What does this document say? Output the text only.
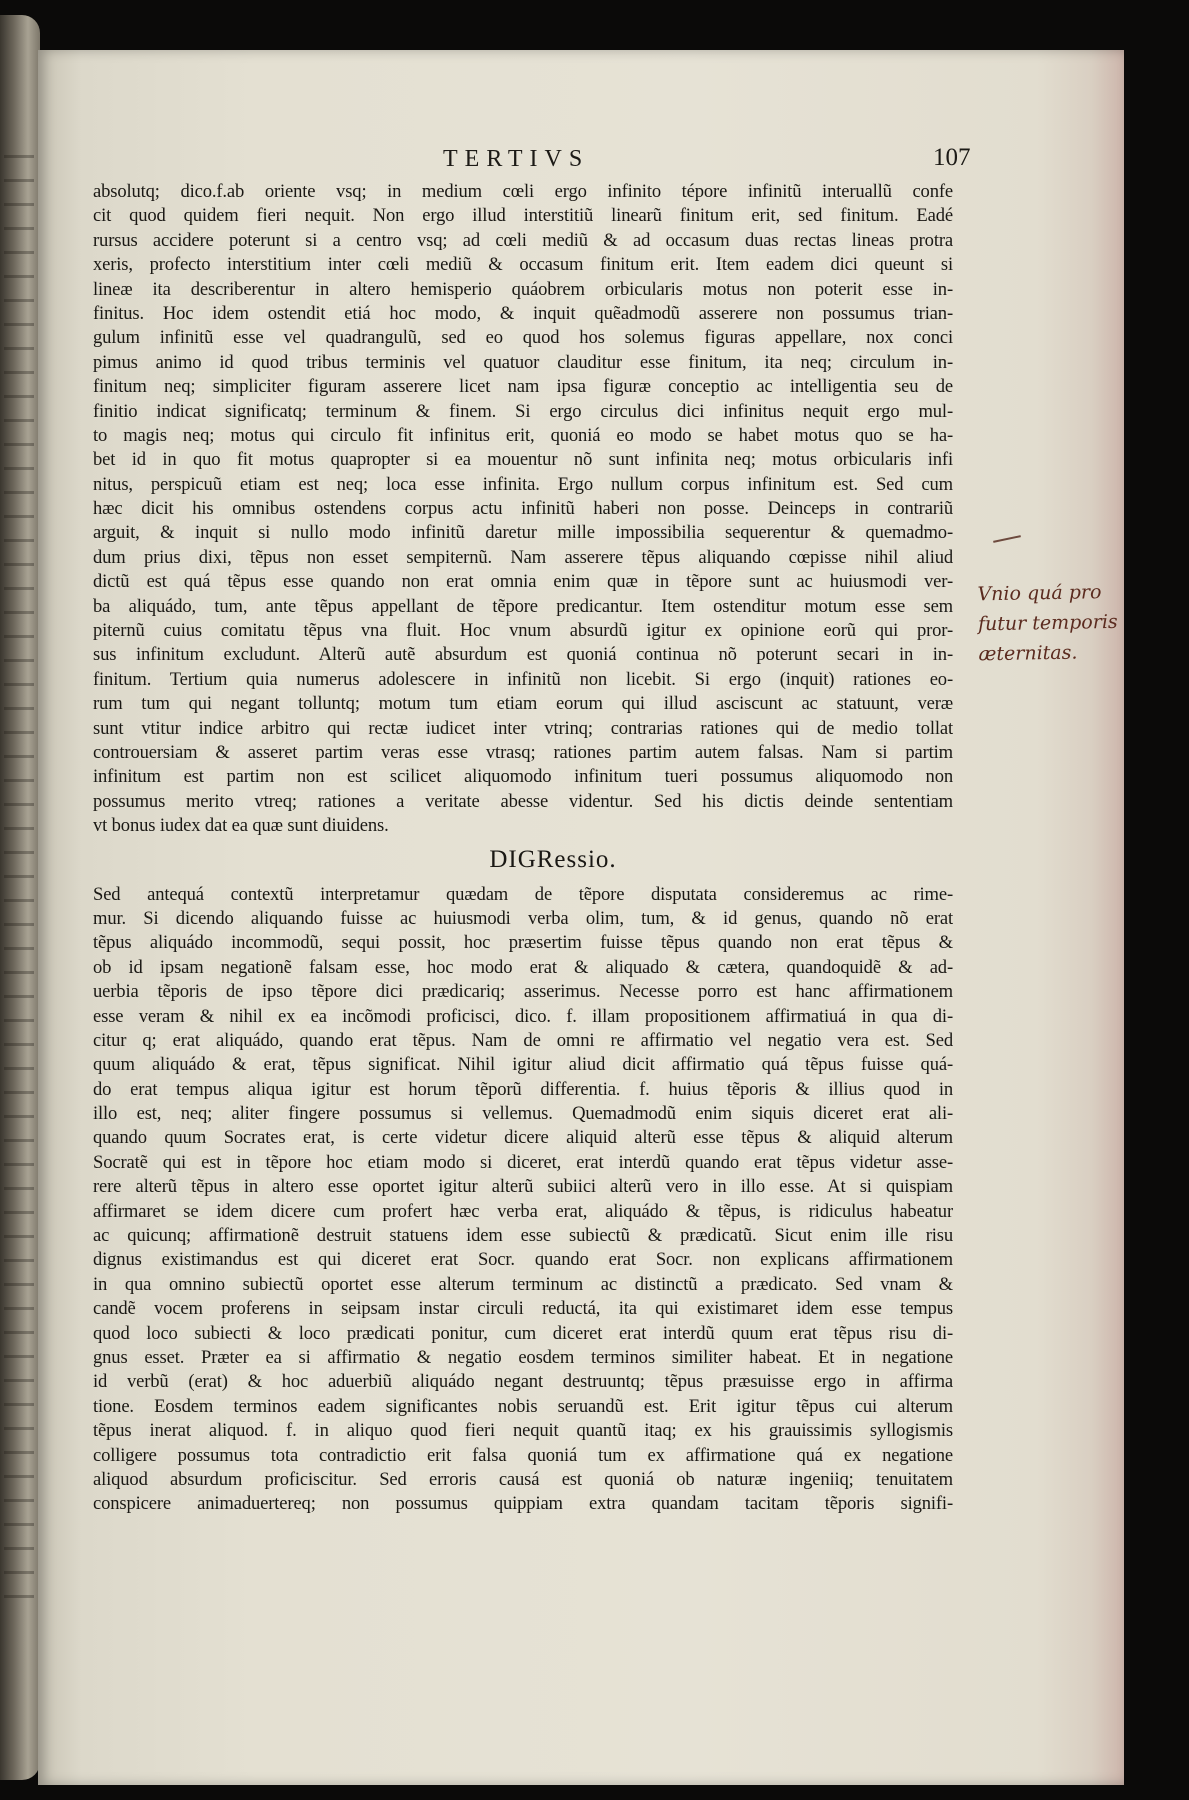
TERTIVS	107
absolutq; dico.f.ab oriente vsq; in medium cœli ergo infinito tépore infinitũ interuallũ confe
cit quod quidem fieri nequit. Non ergo illud interstitiũ linearũ finitum erit, sed finitum. Eadé
rursus accidere poterunt si a centro vsq; ad cœli mediũ & ad occasum duas rectas lineas protra
xeris, profecto interstitium inter cœli mediũ & occasum finitum erit. Item eadem dici queunt si
lineæ ita describerentur in altero hemisperio quáobrem orbicularis motus non poterit esse in-
finitus. Hoc idem ostendit etiá hoc modo, & inquit quẽadmodũ asserere non possumus trian-
gulum infinitũ esse vel quadrangulũ, sed eo quod hos solemus figuras appellare, nox conci
pimus animo id quod tribus terminis vel quatuor clauditur esse finitum, ita neq; circulum in-
finitum neq; simpliciter figuram asserere licet nam ipsa figuræ conceptio ac intelligentia seu de
finitio indicat significatq; terminum & finem. Si ergo circulus dici infinitus nequit ergo mul-
to magis neq; motus qui circulo fit infinitus erit, quoniá eo modo se habet motus quo se ha-
bet id in quo fit motus quapropter si ea mouentur nõ sunt infinita neq; motus orbicularis infi
nitus, perspicuũ etiam est neq; loca esse infinita. Ergo nullum corpus infinitum est. Sed cum
hæc dicit his omnibus ostendens corpus actu infinitũ haberi non posse. Deinceps in contrariũ
arguit, & inquit si nullo modo infinitũ daretur mille impossibilia sequerentur & quemadmo-
dum prius dixi, tẽpus non esset sempiternũ. Nam asserere tẽpus aliquando cœpisse nihil aliud
dictũ est quá tẽpus esse quando non erat omnia enim quæ in tẽpore sunt ac huiusmodi ver-
ba aliquádo, tum, ante tẽpus appellant de tẽpore predicantur. Item ostenditur motum esse sem
piternũ cuius comitatu tẽpus vna fluit. Hoc vnum absurdũ igitur ex opinione eorũ qui pror-
sus infinitum excludunt. Alterũ autẽ absurdum est quoniá continua nõ poterunt secari in in-
finitum. Tertium quia numerus adolescere in infinitũ non licebit. Si ergo (inquit) rationes eo-
rum tum qui negant tolluntq; motum tum etiam eorum qui illud asciscunt ac statuunt, veræ
sunt vtitur indice arbitro qui rectæ iudicet inter vtrinq; contrarias rationes qui de medio tollat
controuersiam & asseret partim veras esse vtrasq; rationes partim autem falsas. Nam si partim
infinitum est partim non est scilicet aliquomodo infinitum tueri possumus aliquomodo non
possumus merito vtreq; rationes a veritate abesse videntur. Sed his dictis deinde sententiam
vt bonus iudex dat ea quæ sunt diuidens.
DIGRessio.
Sed antequá contextũ interpretamur quædam de tẽpore disputata consideremus ac rime-
mur. Si dicendo aliquando fuisse ac huiusmodi verba olim, tum, & id genus, quando nõ erat
tẽpus aliquádo incommodũ, sequi possit, hoc præsertim fuisse tẽpus quando non erat tẽpus &
ob id ipsam negationẽ falsam esse, hoc modo erat & aliquado & cætera, quandoquidẽ & ad-
uerbia tẽporis de ipso tẽpore dici prædicariq; asserimus. Necesse porro est hanc affirmationem
esse veram & nihil ex ea incõmodi proficisci, dico. f. illam propositionem affirmatiuá in qua di-
citur q; erat aliquádo, quando erat tẽpus. Nam de omni re affirmatio vel negatio vera est. Sed
quum aliquádo & erat, tẽpus significat. Nihil igitur aliud dicit affirmatio quá tẽpus fuisse quá-
do erat tempus aliqua igitur est horum tẽporũ differentia. f. huius tẽporis & illius quod in
illo est, neq; aliter fingere possumus si vellemus. Quemadmodũ enim siquis diceret erat ali-
quando quum Socrates erat, is certe videtur dicere aliquid alterũ esse tẽpus & aliquid alterum
Socratẽ qui est in tẽpore hoc etiam modo si diceret, erat interdũ quando erat tẽpus videtur asse-
rere alterũ tẽpus in altero esse oportet igitur alterũ subiici alterũ vero in illo esse. At si quispiam
affirmaret se idem dicere cum profert hæc verba erat, aliquádo & tẽpus, is ridiculus habeatur
ac quicunq; affirmationẽ destruit statuens idem esse subiectũ & prædicatũ. Sicut enim ille risu
dignus existimandus est qui diceret erat Socr. quando erat Socr. non explicans affirmationem
in qua omnino subiectũ oportet esse alterum terminum ac distinctũ a prædicato. Sed vnam &
candẽ vocem proferens in seipsam instar circuli reductá, ita qui existimaret idem esse tempus
quod loco subiecti & loco prædicati ponitur, cum diceret erat interdũ quum erat tẽpus risu di-
gnus esset. Præter ea si affirmatio & negatio eosdem terminos similiter habeat. Et in negatione
id verbũ (erat) & hoc aduerbiũ aliquádo negant destruuntq; tẽpus præsuisse ergo in affirma
tione. Eosdem terminos eadem significantes nobis seruandũ est. Erit igitur tẽpus cui alterum
tẽpus inerat aliquod. f. in aliquo quod fieri nequit quantũ itaq; ex his grauissimis syllogismis
colligere possumus tota contradictio erit falsa quoniá tum ex affirmatione quá ex negatione
aliquod absurdum proficiscitur. Sed erroris causá est quoniá ob naturæ ingeniiq; tenuitatem
conspicere animaduertereq; non possumus quippiam extra quandam tacitam tẽporis signifi-
Vnio quá pro
futur temporis
æternitas.
